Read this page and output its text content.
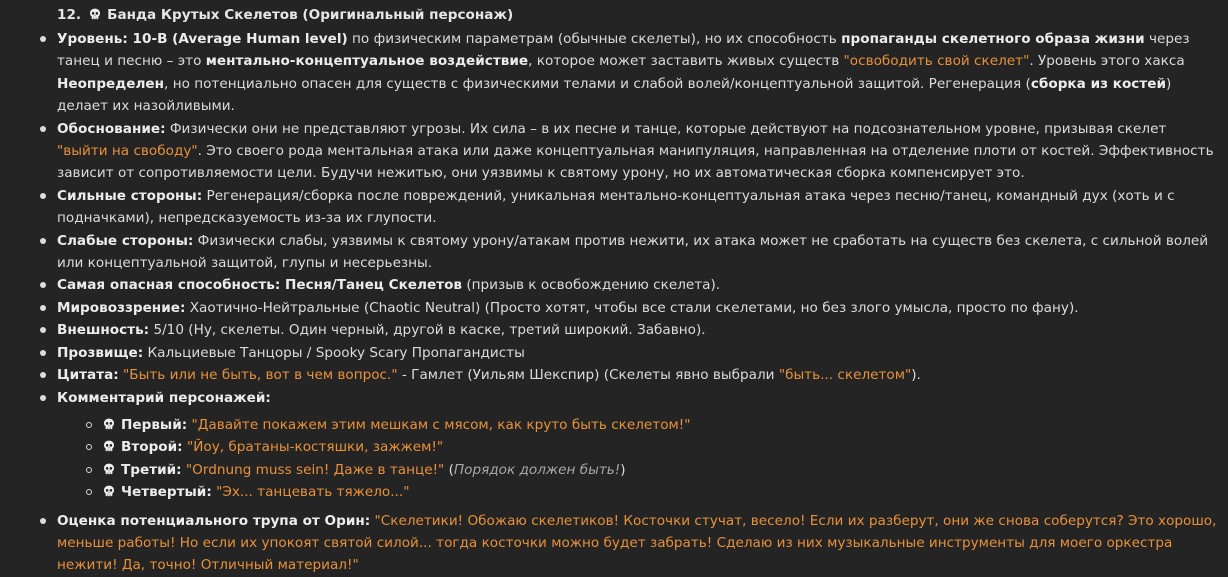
12. Банда Крутых Скелетов (Оригинальный персонаж)
Уровень: 10-B (Average Human level) по физическим параметрам (обычные скелеты), но их способность пропаганды скелетного образа жизни через танец и песню – это ментально-концептуальное воздействие, которое может заставить живых существ "освободить свой скелет". Уровень этого хакса Неопределен, но потенциально опасен для существ с физическими телами и слабой волей/концептуальной защитой. Регенерация (сборка из костей) делает их назойливыми.
Обоснование: Физически они не представляют угрозы. Их сила – в их песне и танце, которые действуют на подсознательном уровне, призывая скелет "выйти на свободу". Это своего рода ментальная атака или даже концептуальная манипуляция, направленная на отделение плоти от костей. Эффективность зависит от сопротивляемости цели. Будучи нежитью, они уязвимы к святому урону, но их автоматическая сборка компенсирует это.
Сильные стороны: Регенерация/сборка после повреждений, уникальная ментально-концептуальная атака через песню/танец, командный дух (хоть и с подначками), непредсказуемость из-за их глупости.
Слабые стороны: Физически слабы, уязвимы к святому урону/атакам против нежити, их атака может не сработать на существ без скелета, с сильной волей или концептуальной защитой, глупы и несерьезны.
Самая опасная способность: Песня/Танец Скелетов (призыв к освобождению скелета).
Мировоззрение: Хаотично-Нейтральные (Chaotic Neutral) (Просто хотят, чтобы все стали скелетами, но без злого умысла, просто по фану).
Внешность: 5/10 (Ну, скелеты. Один черный, другой в каске, третий широкий. Забавно).
Прозвище: Кальциевые Танцоры / Spooky Scary Пропагандисты
Цитата: "Быть или не быть, вот в чем вопрос." - Гамлет (Уильям Шекспир) (Скелеты явно выбрали "быть... скелетом").
Комментарий персонажей:
Первый: "Давайте покажем этим мешкам с мясом, как круто быть скелетом!"
Второй: "Йоу, братаны-костяшки, зажжем!"
Третий: "Ordnung muss sein! Даже в танце!" (Порядок должен быть!)
Четвертый: "Эх... танцевать тяжело..."
Оценка потенциального трупа от Орин: "Скелетики! Обожаю скелетиков! Косточки стучат, весело! Если их разберут, они же снова соберутся? Это хорошо, меньше работы! Но если их упокоят святой силой... тогда косточки можно будет забрать! Сделаю из них музыкальные инструменты для моего оркестра нежити! Да, точно! Отличный материал!"
